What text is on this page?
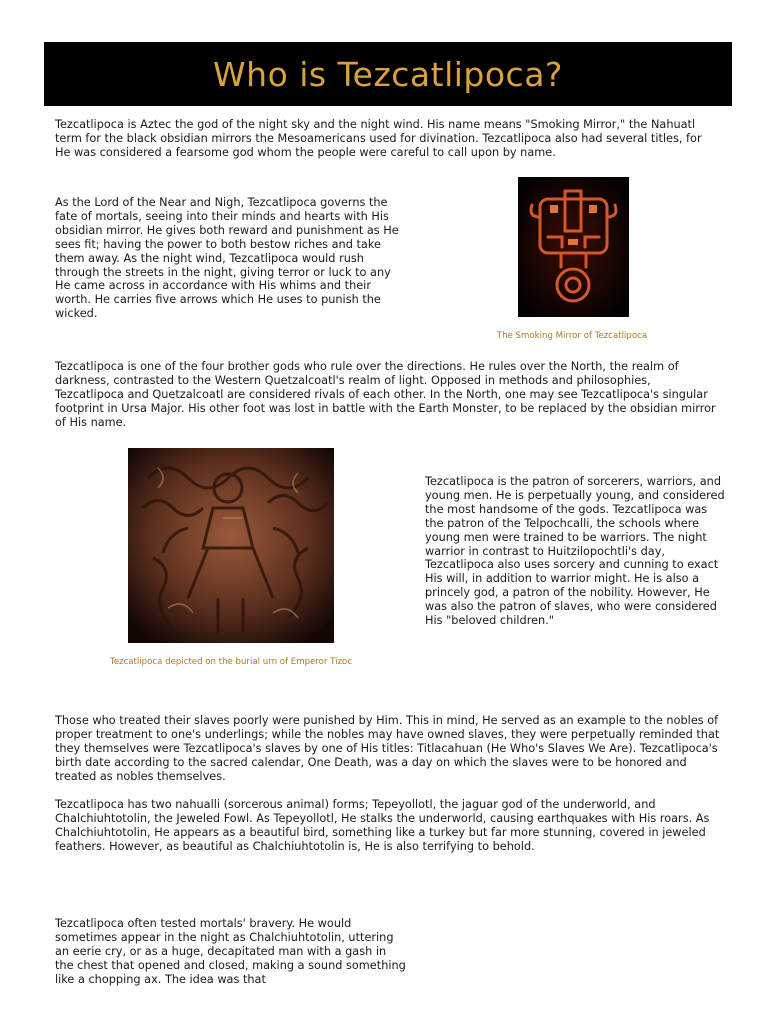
Who is Tezcatlipoca?

Tezcatlipoca is Aztec the god of the night sky and the night wind. His name means "Smoking Mirror," the Nahuatl term for the black obsidian mirrors the Mesoamericans used for divination. Tezcatlipoca also had several titles, for He was considered a fearsome god whom the people were careful to call upon by name.

As the Lord of the Near and Nigh, Tezcatlipoca governs the fate of mortals, seeing into their minds and hearts with His obsidian mirror. He gives both reward and punishment as He sees fit; having the power to both bestow riches and take them away. As the night wind, Tezcatlipoca would rush through the streets in the night, giving terror or luck to any He came across in accordance with His whims and their worth. He carries five arrows which He uses to punish the wicked.

The Smoking Mirror of Tezcatlipoca

Tezcatlipoca is one of the four brother gods who rule over the directions. He rules over the North, the realm of darkness, contrasted to the Western Quetzalcoatl's realm of light. Opposed in methods and philosophies, Tezcatlipoca and Quetzalcoatl are considered rivals of each other. In the North, one may see Tezcatlipoca's singular footprint in Ursa Major. His other foot was lost in battle with the Earth Monster, to be replaced by the obsidian mirror of His name.

Tezcatlipoca depicted on the burial urn of Emperor Tizoc

Tezcatlipoca is the patron of sorcerers, warriors, and young men. He is perpetually young, and considered the most handsome of the gods. Tezcatlipoca was the patron of the Telpochcalli, the schools where young men were trained to be warriors. The night warrior in contrast to Huitzilopochtli's day, Tezcatlipoca also uses sorcery and cunning to exact His will, in addition to warrior might. He is also a princely god, a patron of the nobility. However, He was also the patron of slaves, who were considered His "beloved children."

Those who treated their slaves poorly were punished by Him. This in mind, He served as an example to the nobles of proper treatment to one's underlings; while the nobles may have owned slaves, they were perpetually reminded that they themselves were Tezcatlipoca's slaves by one of His titles: Titlacahuan (He Who's Slaves We Are). Tezcatlipoca's birth date according to the sacred calendar, One Death, was a day on which the slaves were to be honored and treated as nobles themselves.

Tezcatlipoca has two nahualli (sorcerous animal) forms; Tepeyollotl, the jaguar god of the underworld, and Chalchiuhtotolin, the Jeweled Fowl. As Tepeyollotl, He stalks the underworld, causing earthquakes with His roars. As Chalchiuhtotolin, He appears as a beautiful bird, something like a turkey but far more stunning, covered in jeweled feathers. However, as beautiful as Chalchiuhtotolin is, He is also terrifying to behold.

Tezcatlipoca often tested mortals' bravery. He would sometimes appear in the night as Chalchiuhtotolin, uttering an eerie cry, or as a huge, decapitated man with a gash in the chest that opened and closed, making a sound something like a chopping ax. The idea was that
